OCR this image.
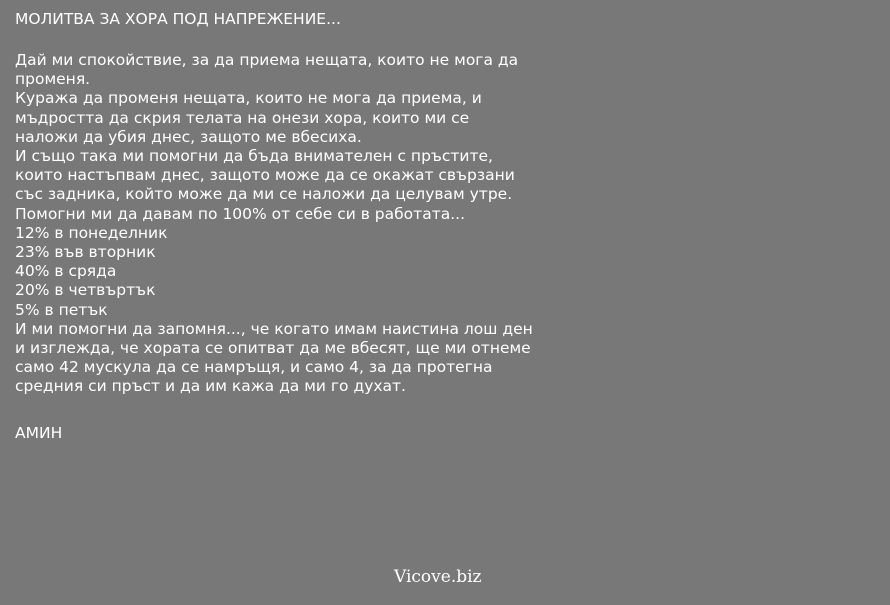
МОЛИТВА ЗА ХОРА ПОД НАПРЕЖЕНИЕ...
Дай ми спокойствие, за да приема нещата, които не мога да
променя.
Куража да променя нещата, които не мога да приема, и
мъдростта да скрия телата на онези хора, които ми се
наложи да убия днес, защото ме вбесиха.
И също така ми помогни да бъда внимателен с пръстите,
които настъпвам днес, защото може да се окажат свързани
със задника, който може да ми се наложи да целувам утре.
Помогни ми да давам по 100% от себе си в работата...
12% в понеделник
23% във вторник
40% в сряда
20% в четвъртък
5% в петък
И ми помогни да запомня..., че когато имам наистина лош ден
и изглежда, че хората се опитват да ме вбесят, ще ми отнеме
само 42 мускула да се намръщя, и само 4, за да протегна
средния си пръст и да им кажа да ми го духат.

АМИН

Vicove.biz
